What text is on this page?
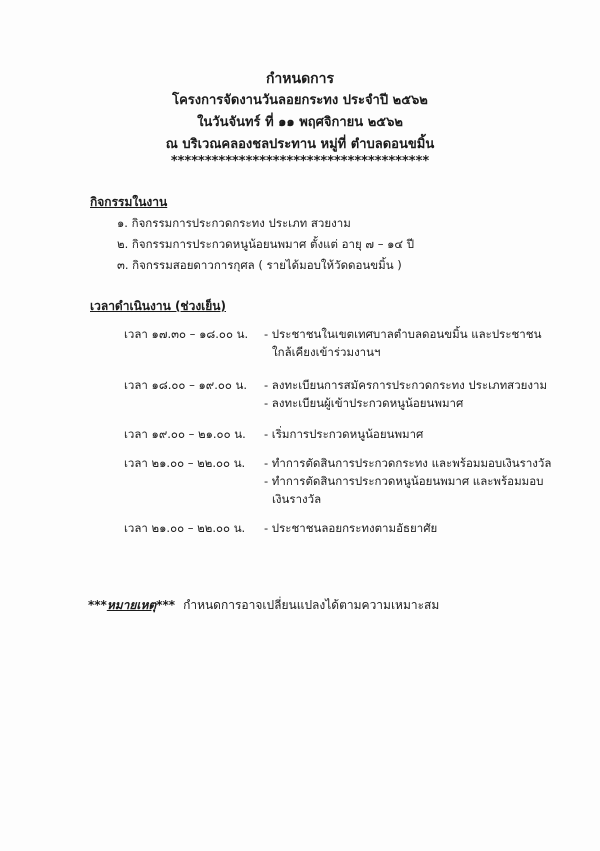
กำหนดการ
โครงการจัดงานวันลอยกระทง ประจำปี ๒๕๖๒
ในวันจันทร์ ที่ ๑๑ พฤศจิกายน ๒๕๖๒
ณ บริเวณคลองชลประทาน หมู่ที่ ตำบลดอนขมิ้น
**************************************
กิจกรรมในงาน
๑. กิจกรรมการประกวดกระทง ประเภท สวยงาม
๒. กิจกรรมการประกวดหนูน้อยนพมาศ ตั้งแต่ อายุ ๗ – ๑๔ ปี
๓. กิจกรรมสอยดาวการกุศล ( รายได้มอบให้วัดดอนขมิ้น )
เวลาดำเนินงาน (ช่วงเย็น)
เวลา ๑๗.๓๐ – ๑๘.๐๐ น.	- ประชาชนในเขตเทศบาลตำบลดอนขมิ้น และประชาชน
ใกล้เคียงเข้าร่วมงานฯ
เวลา ๑๘.๐๐ – ๑๙.๐๐ น.	- ลงทะเบียนการสมัครการประกวดกระทง ประเภทสวยงาม
- ลงทะเบียนผู้เข้าประกวดหนูน้อยนพมาศ
เวลา ๑๙.๐๐ – ๒๑.๐๐ น.	- เริ่มการประกวดหนูน้อยนพมาศ
เวลา ๒๑.๐๐ – ๒๒.๐๐ น.	- ทำการตัดสินการประกวดกระทง และพร้อมมอบเงินรางวัล
- ทำการตัดสินการประกวดหนูน้อยนพมาศ และพร้อมมอบ
เงินรางวัล
เวลา ๒๑.๐๐ – ๒๒.๐๐ น.	- ประชาชนลอยกระทงตามอัธยาศัย
***หมายเหตุ*** กำหนดการอาจเปลี่ยนแปลงได้ตามความเหมาะสม
